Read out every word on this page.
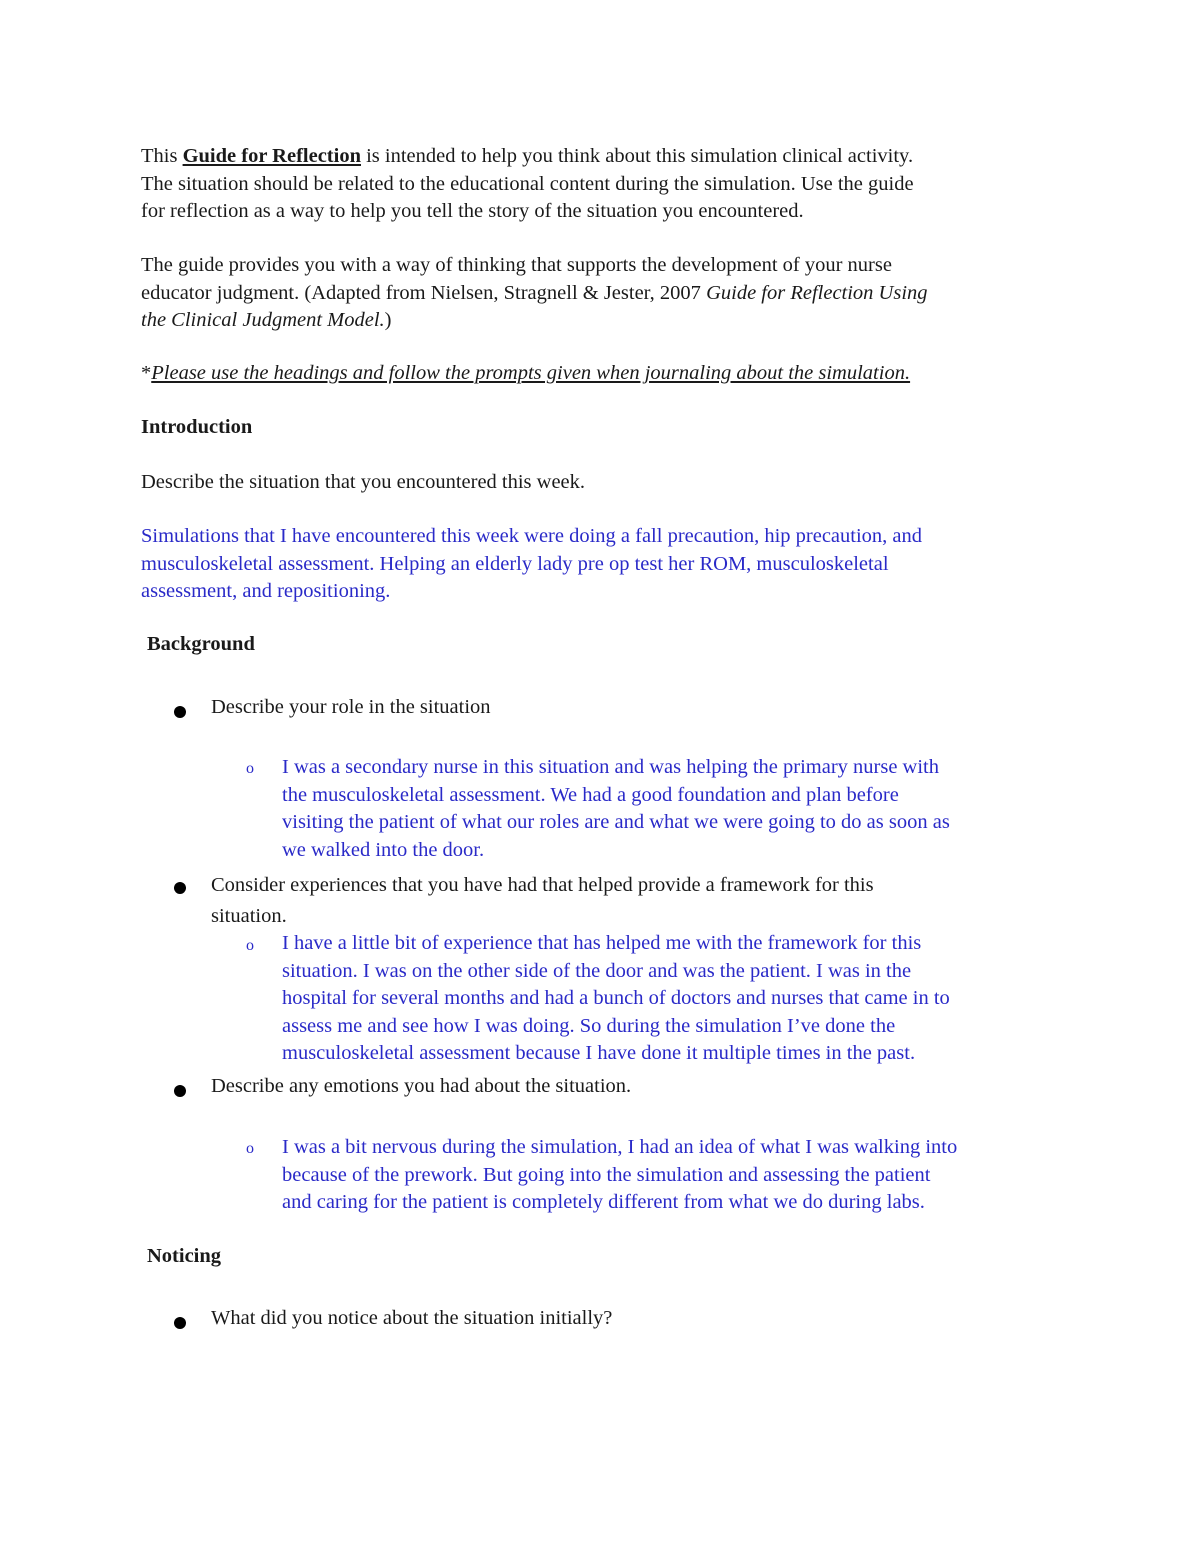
This Guide for Reflection is intended to help you think about this simulation clinical activity.
The situation should be related to the educational content during the simulation. Use the guide
for reflection as a way to help you tell the story of the situation you encountered.
The guide provides you with a way of thinking that supports the development of your nurse
educator judgment. (Adapted from Nielsen, Stragnell & Jester, 2007 Guide for Reflection Using
the Clinical Judgment Model.)
*Please use the headings and follow the prompts given when journaling about the simulation.
Introduction
Describe the situation that you encountered this week.
Simulations that I have encountered this week were doing a fall precaution, hip precaution, and
musculoskeletal assessment. Helping an elderly lady pre op test her ROM, musculoskeletal
assessment, and repositioning.
Background
Describe your role in the situation
o I was a secondary nurse in this situation and was helping the primary nurse with
the musculoskeletal assessment. We had a good foundation and plan before
visiting the patient of what our roles are and what we were going to do as soon as
we walked into the door.
Consider experiences that you have had that helped provide a framework for this
situation.
o I have a little bit of experience that has helped me with the framework for this
situation. I was on the other side of the door and was the patient. I was in the
hospital for several months and had a bunch of doctors and nurses that came in to
assess me and see how I was doing. So during the simulation I’ve done the
musculoskeletal assessment because I have done it multiple times in the past.
Describe any emotions you had about the situation.
o I was a bit nervous during the simulation, I had an idea of what I was walking into
because of the prework. But going into the simulation and assessing the patient
and caring for the patient is completely different from what we do during labs.
Noticing
What did you notice about the situation initially?
